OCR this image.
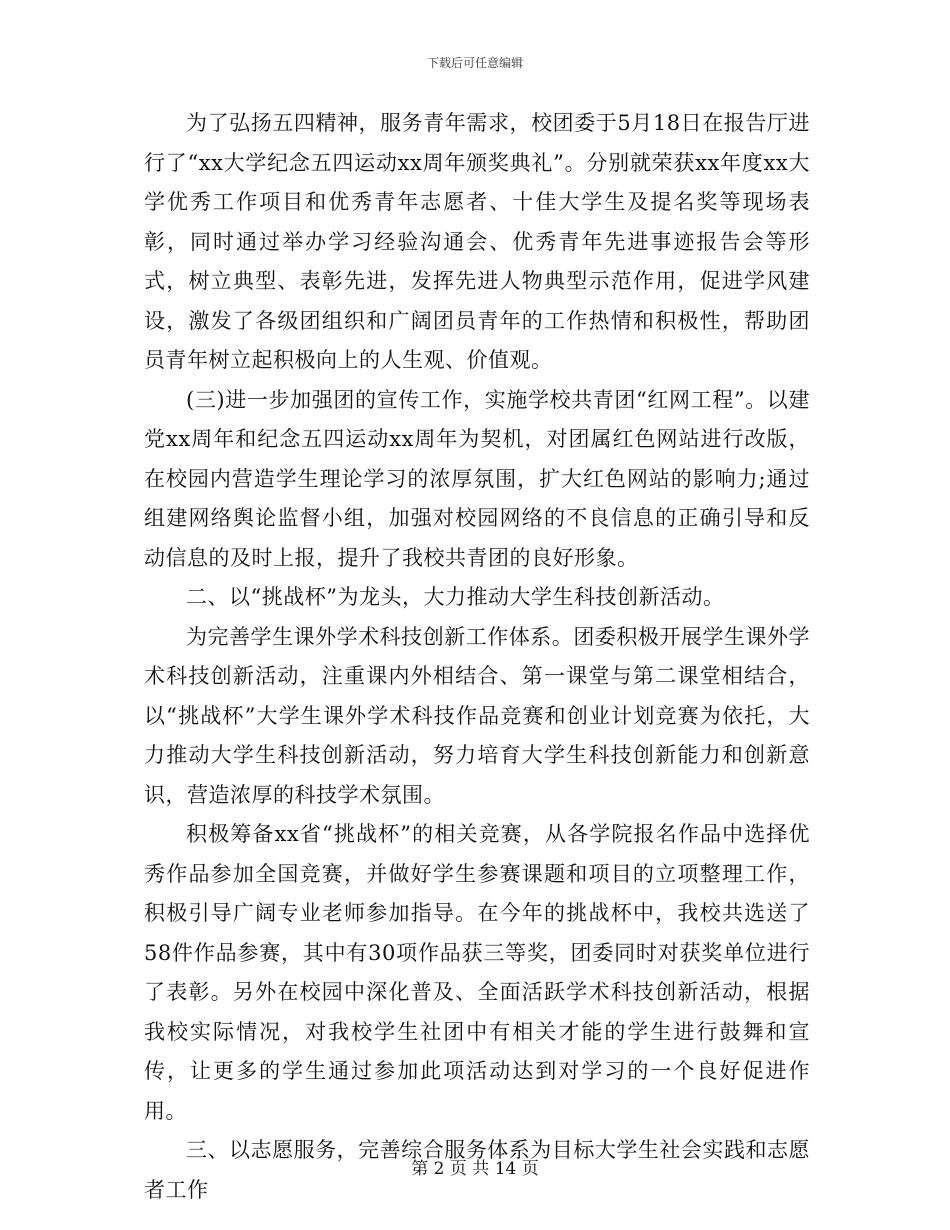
下载后可任意编辑

为了弘扬五四精神，服务青年需求，校团委于5月18日在报告厅进行了“xx大学纪念五四运动xx周年颁奖典礼”。分别就荣获xx年度xx大学优秀工作项目和优秀青年志愿者、十佳大学生及提名奖等现场表彰，同时通过举办学习经验沟通会、优秀青年先进事迹报告会等形式，树立典型、表彰先进，发挥先进人物典型示范作用，促进学风建设，激发了各级团组织和广阔团员青年的工作热情和积极性，帮助团员青年树立起积极向上的人生观、价值观。

(三)进一步加强团的宣传工作，实施学校共青团“红网工程”。以建党xx周年和纪念五四运动xx周年为契机，对团属红色网站进行改版，在校园内营造学生理论学习的浓厚氛围，扩大红色网站的影响力;通过组建网络舆论监督小组，加强对校园网络的不良信息的正确引导和反动信息的及时上报，提升了我校共青团的良好形象。

二、以“挑战杯”为龙头，大力推动大学生科技创新活动。

为完善学生课外学术科技创新工作体系。团委积极开展学生课外学术科技创新活动，注重课内外相结合、第一课堂与第二课堂相结合，以“挑战杯”大学生课外学术科技作品竞赛和创业计划竞赛为依托，大力推动大学生科技创新活动，努力培育大学生科技创新能力和创新意识，营造浓厚的科技学术氛围。

积极筹备xx省“挑战杯”的相关竞赛，从各学院报名作品中选择优秀作品参加全国竞赛，并做好学生参赛课题和项目的立项整理工作，积极引导广阔专业老师参加指导。在今年的挑战杯中，我校共选送了58件作品参赛，其中有30项作品获三等奖，团委同时对获奖单位进行了表彰。另外在校园中深化普及、全面活跃学术科技创新活动，根据我校实际情况，对我校学生社团中有相关才能的学生进行鼓舞和宣传，让更多的学生通过参加此项活动达到对学习的一个良好促进作用。

三、以志愿服务，完善综合服务体系为目标大学生社会实践和志愿者工作

第 2 页 共 14 页
